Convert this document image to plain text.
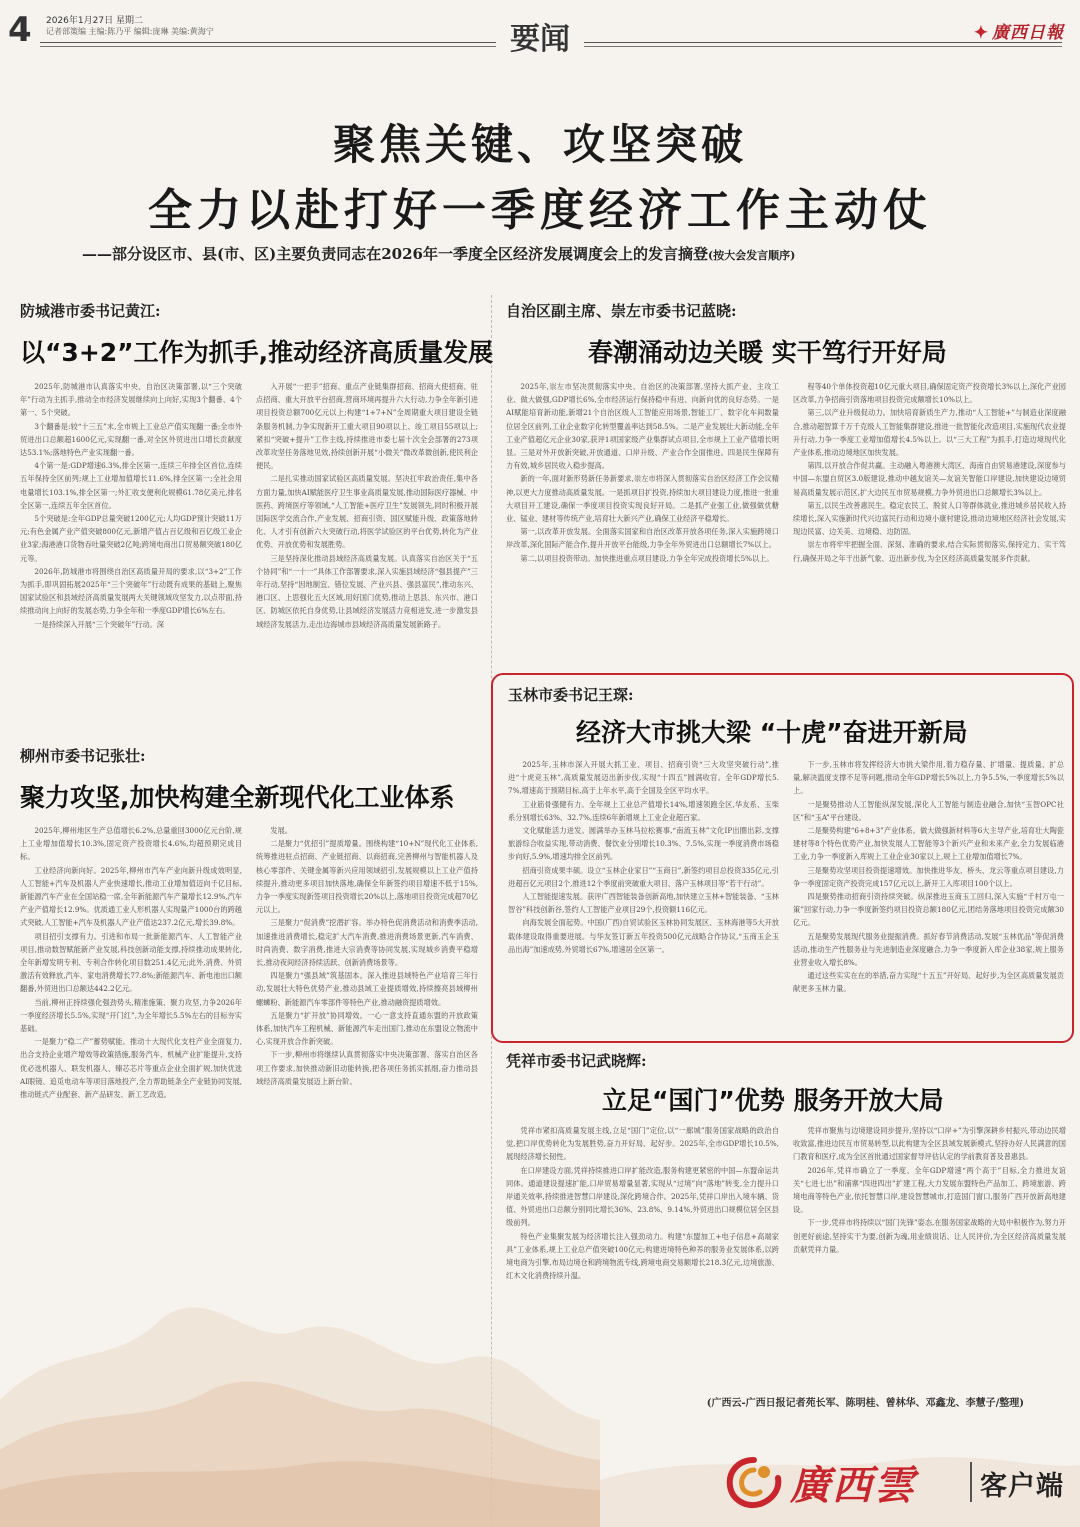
4 2026年1月27日 星期二
记者部策编 主编:陈乃平 编辑:庞琳 美编:黄海宁	要闻	✦ 廣西日報
聚焦关键、攻坚突破
全力以赴打好一季度经济工作主动仗
——部分设区市、县(市、区)主要负责同志在2026年一季度全区经济发展调度会上的发言摘登(按大会发言顺序)
防城港市委书记黄江:
以“3+2”工作为抓手,推动经济高质量发展

2025年,防城港市认真落实中央、自治区决策部署,以“三个突破年”行动为主抓手,推动全市经济发展继续向上向好,实现3个翻番、4个第一、5个突破。

3个翻番是:较“十三五”末,全市规上工业总产值实现翻一番;全市外贸进出口总额超1600亿元,实现翻一番,对全区外贸进出口增长贡献度达53.1%;落地特色产业实现翻一番。

4个第一是:GDP增速6.3%,排全区第一,连续三年排全区首位,连续五年保持全区前列;规上工业增加值增长11.6%,排全区第一;全社会用电量增长103.1%,排全区第一;外汇收支便利化规模61.78亿美元,排名全区第一,连续五年全区首位。

5个突破是:全年GDP总量突破1200亿元;人均GDP预计突破11万元;有色金属产业产值突破800亿元,新增产值占百亿级和百亿级工业企业3家;海港港口货物吞吐量突破2亿吨;跨境电商出口贸易额突破180亿元等。

2026年,防城港市将围绕自治区高质量开局的要求,以“3+2”工作为抓手,即巩固拓展2025年“三个突破年”行动既有成果的基础上,聚焦国家试验区和县域经济高质量发展两大关键领域攻坚发力,以点带面,持续推动向上向好的发展态势,力争全年和一季度GDP增长6%左右。

一是持续深入开展“三个突破年”行动。深

入开展“一把手”招商、重点产业链集群招商、招商大使招商、驻点招商、重大开放平台招商,营商环境再提升六大行动,力争全年新引进项目投资总额700亿元以上;构建“1+7+N”全周期重大项目建设全链条服务机制,力争实现新开工重大项目90项以上、竣工项目55项以上;紧扣“突破+提升”工作主线,持续推进市委七届十次全会部署的273项改革攻坚任务落地见效,持续创新开展“小微关”微改革微创新,使民利企便民。

二是扎实推动国家试验区高质量发展。坚决扛牢政治责任,集中各方面力量,加快AI赋能医疗卫生事业高质量发展,推动国际医疗器械、中医药、跨境医疗等领域,“人工智能+医疗卫生”发展领先,同时积极开展国际医学交流合作,产业发展、招商引资、国区赋能升级、政策落地转化、人才引有创新六大突破行动,将医学试验区的平台优势,转化为产业优势、开放优势和发展胜势。

三是坚持深化推动县域经济高质量发展。认真落实自治区关于“五个协同”和“一十一”具体工作部署要求,深入实施县域经济“强县提产”三年行动,坚持“因地制宜、错位发展、产业兴县、强县富民”,推动东兴、港口区、上思强化五大区域,用好国门优势,推动上思县、东兴市、港口区、防城区依托自身优势,让县域经济发展活力竞相迸发,进一步激发县域经济发展活力,走出边海城市县域经济高质量发展新路子。

柳州市委书记张壮:
聚力攻坚,加快构建全新现代化工业体系

2025年,柳州地区生产总值增长6.2%,总量重回3000亿元台阶,规上工业增加值增长10.3%,固定资产投资增长4.6%,均超预期完成目标。

工业经济向新向好。2025年,柳州市汽车产业向新升级成效明显,人工智能+汽车及机器人产业快速增长,推动工业增加值迈向千亿目标,新能源汽车产业在全国站稳一席,全年新能源汽车产量增长12.9%,汽车产业产值增长12.9%。优质通工业人形机器人实现量产1000台的跨越式突破,人工智能+汽车及机器人产业产值达237.2亿元,增长39.8%。

项目招引支撑有力。引进和布局一批新能源汽车、人工智能产业项目,推动数智赋能新产业发展,科技创新动能支撑,持续推动成果转化,全年新增发明专利、专利合作转化项目数251.4亿元;此外,消费、外贸激活有效释放,汽车、家电消费增长77.8%;新能源汽车、新电池出口额翻番,外贸进出口总额达442.2亿元。

当前,柳州正持续强化强劲势头,精准施策、聚力攻坚,力争2026年一季度经济增长5.5%,实现“开门红”,为全年增长5.5%左右的目标夯实基础。

一是聚力“稳二产”蓄势赋能。推动十大现代化支柱产业全面复力,出合支持企业增产增效等政策措施,服务汽车、机械产业扩能提升,支持优必选机器人、联发机器人、臻芯芯片等重点企业全面扩规,加快优选AI眼镜、追觅电动车等项目落地投产,全力帮助链条全产业链协同发展,推动链式产业配套、新产品研发、新工艺改造。

发展。

二是聚力“优招引”提质增量。围绕构建“10+N”现代化工业体系,统筹推进驻点招商、产业链招商、以商招商,完善柳州与智能机器人及核心零部件、关键金属等新兴应用领域招引,发展规模以上工业产值持续提升,推动更多项目加快落地,确保全年新签约项目增速不低于15%,力争一季度实现新签项目投资增长20%以上,落地项目投资完成超70亿元以上。

三是聚力“促消费”挖潜扩容。举办特色促消费活动和消费季活动,加速推进消费增长,稳定扩大汽车消费,推进消费场景更新,汽车消费、时尚消费、数字消费,推进大宗消费等协同发展,实现城乡消费平稳增长,推动夜间经济持续活跃、创新消费场景等。

四是聚力“强县域”筑基固本。深入推进县域特色产业培育三年行动,发展壮大特色优势产业,推动县域工业提质增效,持续擦亮县域柳州螺蛳粉、新能源汽车零部件等特色产业,推动融资提质增效。

五是聚力“扩开放”协同增效。一心一意支持直通东盟的开放政策体系,加快汽车工程机械、新能源汽车走出国门,推动在东盟设立物流中心,实现开放合作新突破。

下一步,柳州市将继续认真贯彻落实中央决策部署、落实自治区各项工作要求,加快推动新旧动能转换,把各项任务抓实抓细,奋力推动县域经济高质量发展迈上新台阶。

自治区副主席、崇左市委书记蓝晓:
春潮涌动边关暖 实干笃行开好局

2025年,崇左市坚决贯彻落实中央、自治区的决策部署,坚持大抓产业、主攻工业、做大做强,GDP增长6%,全市经济运行保持稳中有进、向新向优的良好态势。一是AI赋能培育新动能,新增21个自治区级人工智能应用场景,智能工厂、数字化车间数量位居全区前列,工业企业数字化转型覆盖率达到58.5%。二是产业发展壮大新动能,全年工业产值超亿元企业30家,获评1项国家级产业集群试点项目,全市规上工业产值增长明显。三是对外开放新突破,开放通道、口岸升级、产业合作全面推进。四是民生保障有力有效,城乡居民收入稳步提高。

新的一年,面对新形势新任务新要求,崇左市将深入贯彻落实自治区经济工作会议精神,以更大力度推动高质量发展。一是抓项目扩投资,持续加大项目建设力度,推进一批重大项目开工建设,确保一季度项目投资实现良好开局。二是抓产业强工业,做强做优糖业、锰业、建材等传统产业,培育壮大新兴产业,确保工业经济平稳增长。

第一,以改革开放发展。全面落实国家和自治区改革开放各项任务,深入实施跨境口岸改革,深化国际产能合作,提升开放平台能级,力争全年外贸进出口总额增长7%以上。

第二,以项目投资带动。加快推进重点项目建设,力争全年完成投资增长5%以上。

程等40个单体投资超10亿元重大项目,确保固定资产投资增长3%以上,深化产业园区改革,力争招商引资落地项目投资完成额增长10%以上。

第三,以产业升级促动力。加快培育新质生产力,推动“人工智能+”与制造业深度融合,推动超智算千万千克级人工智能集群建设,推进一批智能化改造项目,实施现代农业提升行动,力争一季度工业增加值增长4.5%以上。以“三大工程”为抓手,打造边境现代化产业体系,推动边境地区加快发展。

第四,以开放合作促共赢。主动融入粤港澳大湾区、海南自由贸易港建设,深度参与中国—东盟自贸区3.0版建设,推动中越友谊关—友谊关智能口岸建设,加快建设边境贸易高质量发展示范区,扩大边民互市贸易规模,力争外贸进出口总额增长3%以上。

第五,以民生改善惠民生。稳定农民工、脱贫人口等群体就业,推进城乡居民收入持续增长,深入实施新时代兴边富民行动和边境小康村建设,推动边境地区经济社会发展,实现边民富、边关美、边境稳、边防固。

崇左市将牢牢把握全面、深刻、准确的要求,结合实际贯彻落实,保持定力、实干笃行,确保开局之年干出新气象、迈出新步伐,为全区经济高质量发展多作贡献。

玉林市委书记王琛:
经济大市挑大梁 “十虎”奋进开新局

2025年,玉林市深入开展大抓工业、项目、招商引资“三大攻坚突破行动”,推进“十虎竞玉林”,高质量发展迈出新步伐,实现“十四五”圆满收官。全年GDP增长5.7%,增速高于预期目标,高于上年水平,高于全国及全区平均水平。

工业筋骨强健有力。全年规上工业总产值增长14%,增速领跑全区,华友系、玉柴系分别增长63%、32.7%,连续6年新增规上工业企业超百家。

文化赋能活力迸发。圆满举办玉林马拉松赛事,“南流玉林”文化IP出圈出彩,支撑旅游综合收益实现,带动消费、餐饮业分别增长10.3%、7.5%,实现一季度消费市场稳步向好,5.9%,增速均排全区前列。

招商引资成果丰硕。设立“玉林企业家日”“玉商日”,新签约项目总投资335亿元,引进超百亿元项目2个,推进12个季度前突破重大项目、落户玉林项目等“若干行动”。

人工智能提速发展。获评广西智能装备创新高地,加快建立玉林+智能装备、“玉林智谷”科技创新谷,签约人工智能产业项目29个,投资额116亿元。

向海发展全面起势。中国(广西)自贸试验区玉林协同发展区、玉林海港等5大开放载体建设取得重要进展。与华友签订新五年投资500亿元战略合作协议,“玉商玉企玉品出海”加速成势,外贸增长67%,增速居全区第一。

下一步,玉林市将发挥经济大市挑大梁作用,着力稳存量、扩增量、提质量、扩总量,解决温度支撑不足等问题,推动全年GDP增长5%以上,力争5.5%,一季度增长5%以上。

一是聚势推动人工智能纵深发展,深化人工智能与制造业融合,加快“玉智OPC社区”和“玉A”平台建设。

二是聚势构建“6+8+3”产业体系。做大做强新材料等6大主导产业,培育壮大陶瓷建材等8个特色优势产业,加快发展人工智能等3个新兴产业和未来产业,全力发展临港工业,力争一季度新入库规上工业企业30家以上,规上工业增加值增长7%。

三是聚势攻坚项目投资提速增效。加快推进华友、桥头、龙云等重点项目建设,力争一季度固定资产投资完成157亿元以上,新开工入库项目100个以上。

四是聚势推动招商引资持续突破。纵深推进玉商玉工回归,深入实施“千村万屯一策”回家行动,力争一季度新签约项目投资总额180亿元,团结务落地项目投资完成额30亿元。

五是聚势发展现代服务业提振消费。抓好春节消费活动,发展“玉林优品”等促消费活动,推动生产性服务业与先进制造业深度融合,力争一季度新入库企业38家,规上服务业营业收入增长8%。

通过这些实实在在的举措,奋力实现“十五五”开好局、起好步,为全区高质量发展贡献更多玉林力量。

凭祥市委书记武晓辉:
立足“国门”优势 服务开放大局

凭祥市紧扣高质量发展主线,立足“国门”定位,以“一廊城”服务国家战略的政治自觉,把口岸优势转化为发展胜势,奋力开好局、起好步。2025年,全市GDP增长10.5%,展现经济增长韧性。

在口岸建设方面,凭祥持续推进口岸扩能改造,服务构建更紧密的中国—东盟命运共同体。通道建设提速扩能,口岸贸易增量显著,实现从“过境”向“落地”转变,全力提升口岸通关效率,持续推进智慧口岸建设,深化跨境合作。2025年,凭祥口岸出入境车辆、货值、外贸进出口总额分别同比增长36%、23.8%、9.14%,外贸进出口规模位居全区县级前列。

特色产业集聚发展为经济增长注入强劲动力。构建“东盟加工+电子信息+高端家具”工业体系,规上工业总产值突破100亿元;构建进境特色种养的服务业发展体系,以跨境电商为引擎,布局边境仓和跨境物流专线,跨境电商交易额增长218.3亿元,边境旅游、红木文化消费持续升温。

凭祥市聚焦与边境建设同步提升,坚持以“口岸+”为引擎深耕乡村振兴,带动边民增收致富,推进边民互市贸易转型,以此构建为全区县域发展新模式,坚持办好人民满意的国门教育和医疗,成为全区首批通过国家督导评估认定的学前教育普及普惠县。

2026年,凭祥市确立了一季度、全年GDP增速“两个高于”目标,全力推进友谊关“七进七出”和浦寨“四进四出”扩建工程,大力发展东盟特色产品加工、跨境旅游、跨境电商等特色产业,依托智慧口岸,建设智慧城市,打造国门窗口,服务广西开放新高地建设。

下一步,凭祥市将持续以“国门先锋”姿态,在服务国家战略的大局中积极作为,努力开创更好前途,坚持实干为要,创新为魂,用业绩说话、让人民评价,为全区经济高质量发展贡献凭祥力量。

(广西云-广西日报记者苑长军、陈明桂、曾林华、邓鑫龙、李慧子/整理)
廣西雲 客户端
